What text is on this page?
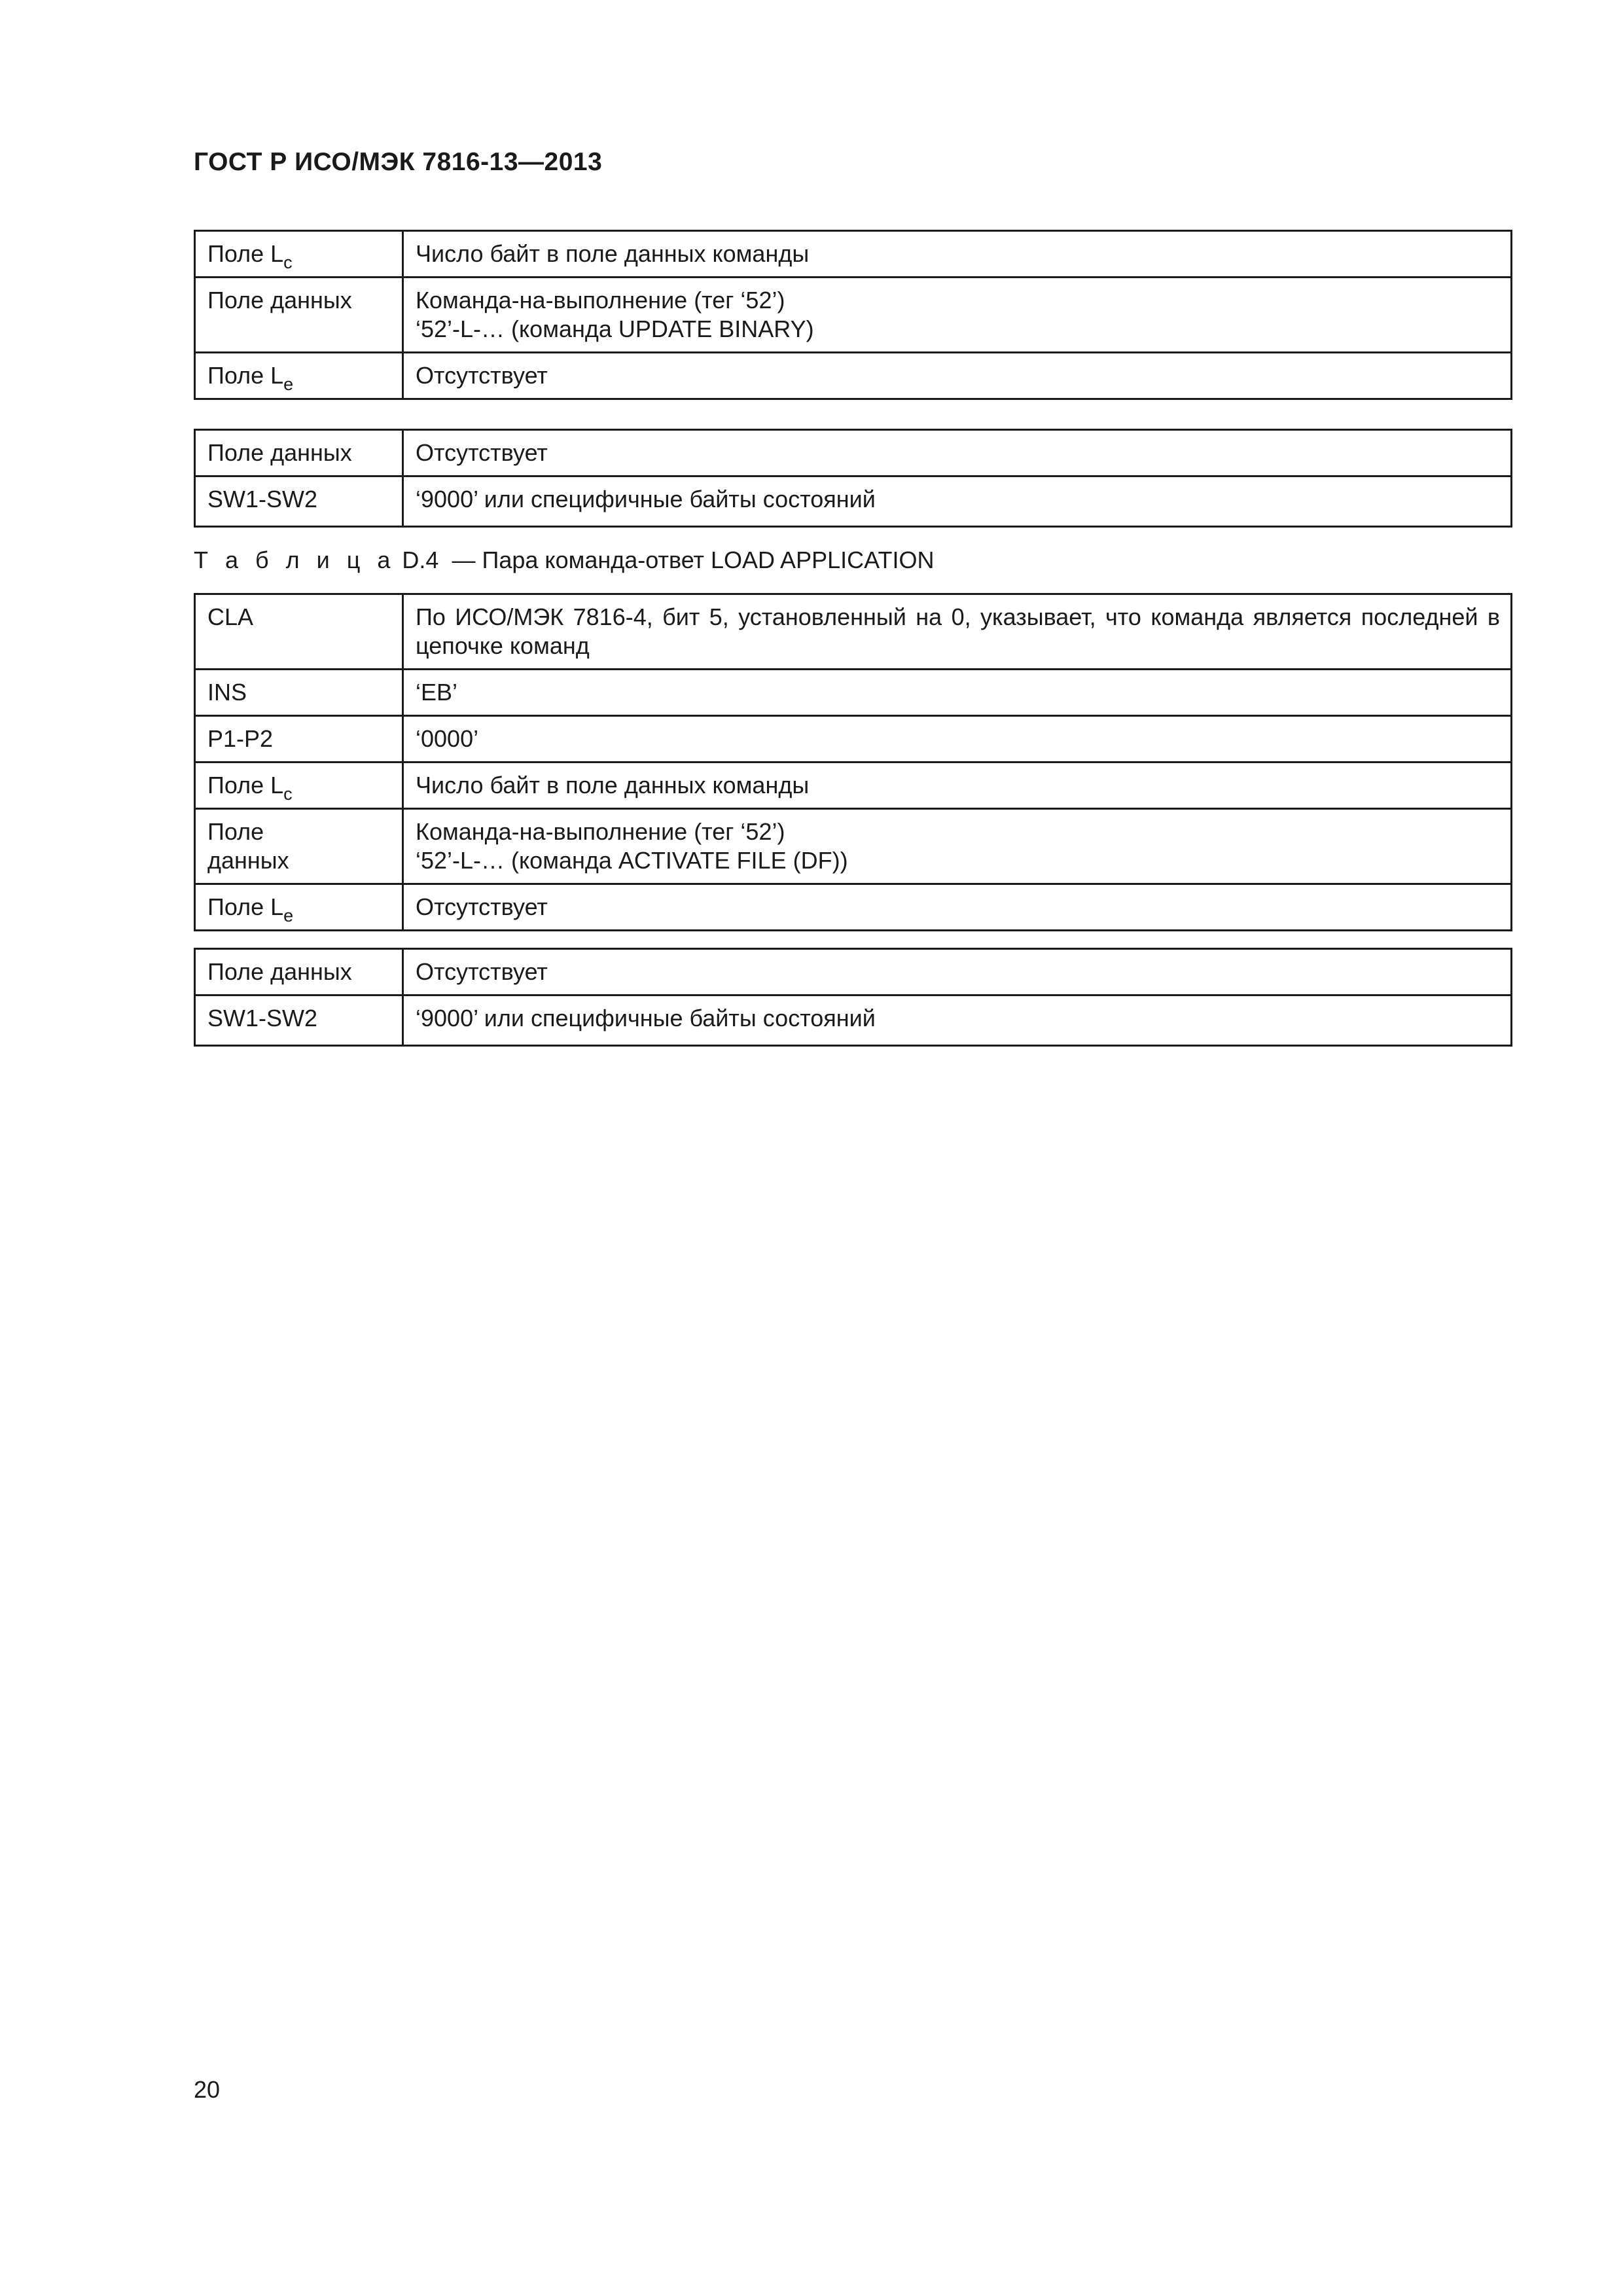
ГОСТ Р ИСО/МЭК 7816-13—2013
Поле $L_c$	Число байт в поле данных команды

Поле данных	Команда-на-выполнение (тег ‘52’)
‘52’-L-… (команда UPDATE BINARY)

Поле $L_e$	Отсутствует
Поле данных	Отсутствует
SW1-SW2	‘9000’ или специфичные байты состояний
Т а б л и ц а D.4 — Пара команда-ответ LOAD APPLICATION
CLA	По ИСО/МЭК 7816-4, бит 5, установленный на 0, указывает, что команда является последней в цепочке команд
INS	‘EB’

P1-P2	‘0000’

Поле $L_c$	Число байт в поле данных команды

Поле
данных	Команда-на-выполнение (тег ‘52’)
‘52’-L-… (команда ACTIVATE FILE (DF))

Поле $L_e$	Отсутствует
Поле данных	Отсутствует
SW1-SW2	‘9000’ или специфичные байты состояний
20
